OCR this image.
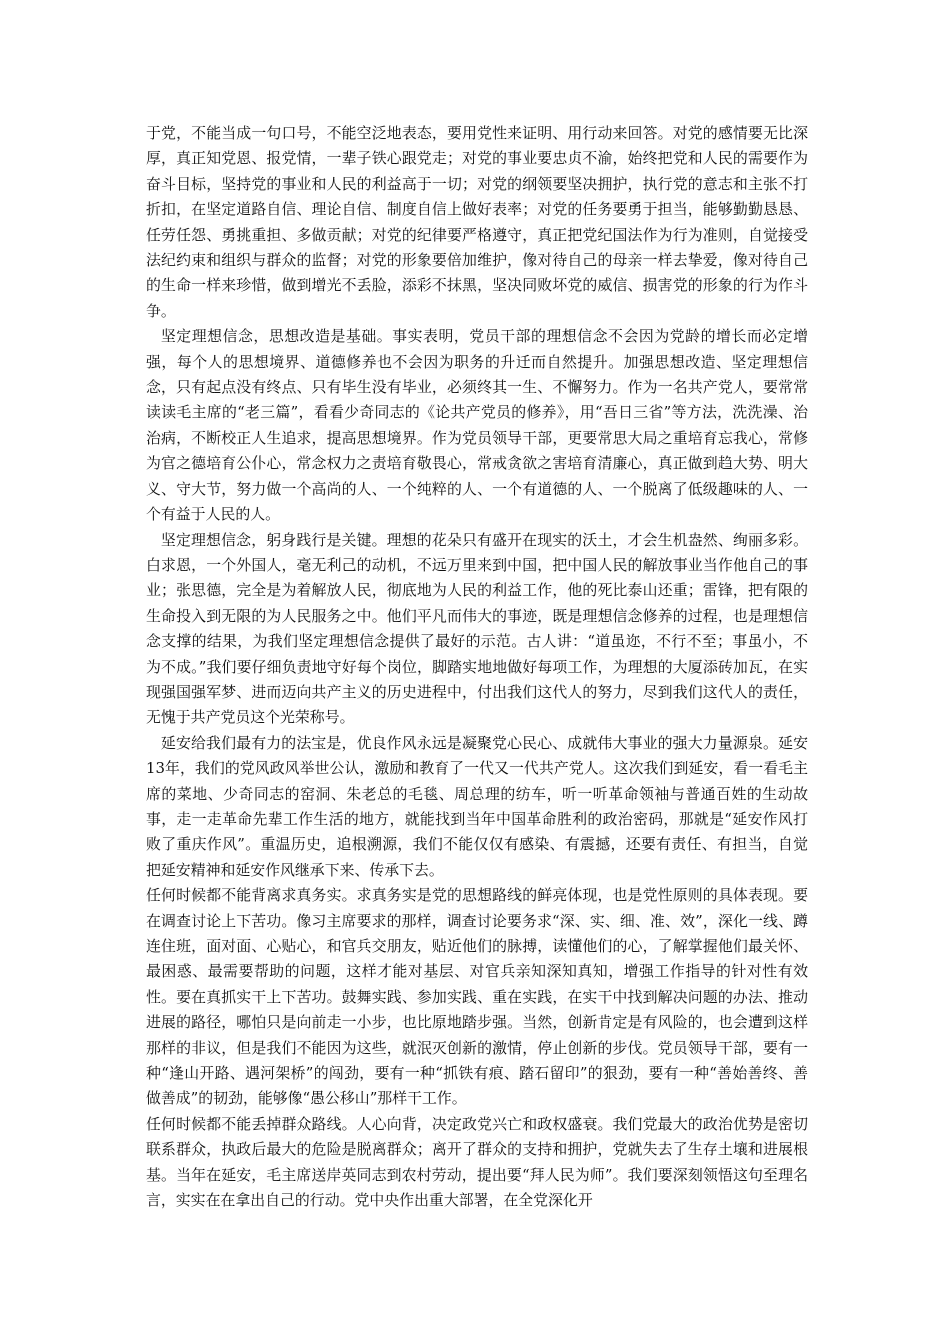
于党，不能当成一句口号，不能空泛地表态，要用党性来证明、用行动来回答。对党的感情要无比深厚，真正知党恩、报党情，一辈子铁心跟党走；对党的事业要忠贞不渝，始终把党和人民的需要作为奋斗目标，坚持党的事业和人民的利益高于一切；对党的纲领要坚决拥护，执行党的意志和主张不打折扣，在坚定道路自信、理论自信、制度自信上做好表率；对党的任务要勇于担当，能够勤勤恳恳、任劳任怨、勇挑重担、多做贡献；对党的纪律要严格遵守，真正把党纪国法作为行为准则，自觉接受法纪约束和组织与群众的监督；对党的形象要倍加维护，像对待自己的母亲一样去挚爱，像对待自己的生命一样来珍惜，做到增光不丢脸，添彩不抹黑，坚决同败坏党的威信、损害党的形象的行为作斗争。

坚定理想信念，思想改造是基础。事实表明，党员干部的理想信念不会因为党龄的增长而必定增强，每个人的思想境界、道德修养也不会因为职务的升迁而自然提升。加强思想改造、坚定理想信念，只有起点没有终点、只有毕生没有毕业，必须终其一生、不懈努力。作为一名共产党人，要常常读读毛主席的“老三篇”，看看少奇同志的《论共产党员的修养》，用“吾日三省”等方法，洗洗澡、治治病，不断校正人生追求，提高思想境界。作为党员领导干部，更要常思大局之重培育忘我心，常修为官之德培育公仆心，常念权力之责培育敬畏心，常戒贪欲之害培育清廉心，真正做到趋大势、明大义、守大节，努力做一个高尚的人、一个纯粹的人、一个有道德的人、一个脱离了低级趣味的人、一个有益于人民的人。

坚定理想信念，躬身践行是关键。理想的花朵只有盛开在现实的沃土，才会生机盎然、绚丽多彩。白求恩，一个外国人，毫无利己的动机，不远万里来到中国，把中国人民的解放事业当作他自己的事业；张思德，完全是为着解放人民，彻底地为人民的利益工作，他的死比泰山还重；雷锋，把有限的生命投入到无限的为人民服务之中。他们平凡而伟大的事迹，既是理想信念修养的过程，也是理想信念支撑的结果，为我们坚定理想信念提供了最好的示范。古人讲：“道虽迩，不行不至；事虽小，不为不成。”我们要仔细负责地守好每个岗位，脚踏实地地做好每项工作，为理想的大厦添砖加瓦，在实现强国强军梦、进而迈向共产主义的历史进程中，付出我们这代人的努力，尽到我们这代人的责任，无愧于共产党员这个光荣称号。

延安给我们最有力的法宝是，优良作风永远是凝聚党心民心、成就伟大事业的强大力量源泉。延安13年，我们的党风政风举世公认，激励和教育了一代又一代共产党人。这次我们到延安，看一看毛主席的菜地、少奇同志的窑洞、朱老总的毛毯、周总理的纺车，听一听革命领袖与普通百姓的生动故事，走一走革命先辈工作生活的地方，就能找到当年中国革命胜利的政治密码，那就是“延安作风打败了重庆作风”。重温历史，追根溯源，我们不能仅仅有感染、有震撼，还要有责任、有担当，自觉把延安精神和延安作风继承下来、传承下去。

任何时候都不能背离求真务实。求真务实是党的思想路线的鲜亮体现，也是党性原则的具体表现。要在调查讨论上下苦功。像习主席要求的那样，调查讨论要务求“深、实、细、准、效”，深化一线、蹲连住班，面对面、心贴心，和官兵交朋友，贴近他们的脉搏，读懂他们的心，了解掌握他们最关怀、最困惑、最需要帮助的问题，这样才能对基层、对官兵亲知深知真知，增强工作指导的针对性有效性。要在真抓实干上下苦功。鼓舞实践、参加实践、重在实践，在实干中找到解决问题的办法、推动进展的路径，哪怕只是向前走一小步，也比原地踏步强。当然，创新肯定是有风险的，也会遭到这样那样的非议，但是我们不能因为这些，就泯灭创新的激情，停止创新的步伐。党员领导干部，要有一种“逢山开路、遇河架桥”的闯劲，要有一种“抓铁有痕、踏石留印”的狠劲，要有一种“善始善终、善做善成”的韧劲，能够像“愚公移山”那样干工作。

任何时候都不能丢掉群众路线。人心向背，决定政党兴亡和政权盛衰。我们党最大的政治优势是密切联系群众，执政后最大的危险是脱离群众；离开了群众的支持和拥护，党就失去了生存土壤和进展根基。当年在延安，毛主席送岸英同志到农村劳动，提出要“拜人民为师”。我们要深刻领悟这句至理名言，实实在在拿出自己的行动。党中央作出重大部署，在全党深化开
